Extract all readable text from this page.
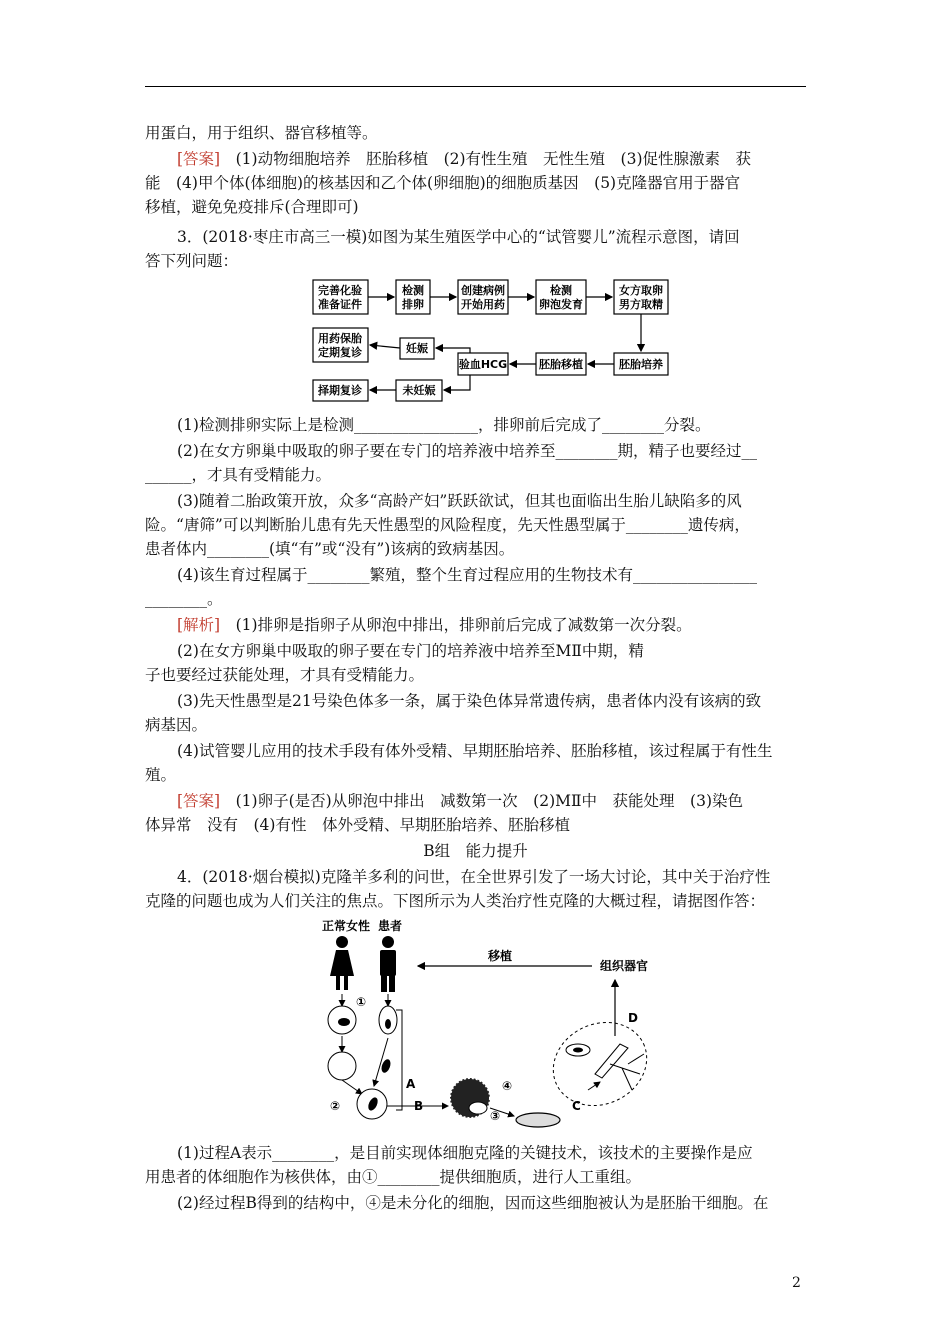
用蛋白，用于组织、器官移植等。
[答案]　 (1)动物细胞培养　胚胎移植　(2)有性生殖　无性生殖　(3)促性腺激素　获
能　(4)甲个体(体细胞)的核基因和乙个体(卵细胞)的细胞质基因　(5)克隆器官用于器官
移植，避免免疫排斥(合理即可)
3．(2018·枣庄市高三一模)如图为某生殖医学中心的“试管婴儿”流程示意图，请回
答下列问题：
完善化验
准备证件
检测
排卵
创建病例
开始用药
检测
卵泡发育
女方取卵
男方取精
胚胎培养
胚胎移植
验血HCG
妊娠
用药保胎
定期复诊
未妊娠
择期复诊
(1)检测排卵实际上是检测________________，排卵前后完成了________分裂。
(2)在女方卵巢中吸取的卵子要在专门的培养液中培养至________期，精子也要经过__
______，才具有受精能力。
(3)随着二胎政策开放，众多“高龄产妇”跃跃欲试，但其也面临出生胎儿缺陷多的风
险。“唐筛”可以判断胎儿患有先天性愚型的风险程度，先天性愚型属于________遗传病，
患者体内________(填“有”或“没有”)该病的致病基因。
(4)该生育过程属于________繁殖，整个生育过程应用的生物技术有________________
________。
[解析]　 (1)排卵是指卵子从卵泡中排出，排卵前后完成了减数第一次分裂。
(2)在女方卵巢中吸取的卵子要在专门的培养液中培养至MⅡ中期，精
子也要经过获能处理，才具有受精能力。
(3)先天性愚型是21号染色体多一条，属于染色体异常遗传病，患者体内没有该病的致
病基因。
(4)试管婴儿应用的技术手段有体外受精、早期胚胎培养、胚胎移植，该过程属于有性生
殖。
[答案]　 (1)卵子(是否)从卵泡中排出　减数第一次　(2)MⅡ中　获能处理　(3)染色
体异常　没有　(4)有性　体外受精、早期胚胎培养、胚胎移植
B组　能力提升
4．(2018·烟台模拟)克隆羊多利的问世，在全世界引发了一场大讨论，其中关于治疗性
克隆的问题也成为人们关注的焦点。下图所示为人类治疗性克隆的大概过程，请据图作答：
正常女性 患者
移植
组织器官
D
①
A
②	B
④
③
C
(1)过程A表示________，是目前实现体细胞克隆的关键技术，该技术的主要操作是应
用患者的体细胞作为核供体，由①________提供细胞质，进行人工重组。
(2)经过程B得到的结构中，④是未分化的细胞，因而这些细胞被认为是胚胎干细胞。在
2
